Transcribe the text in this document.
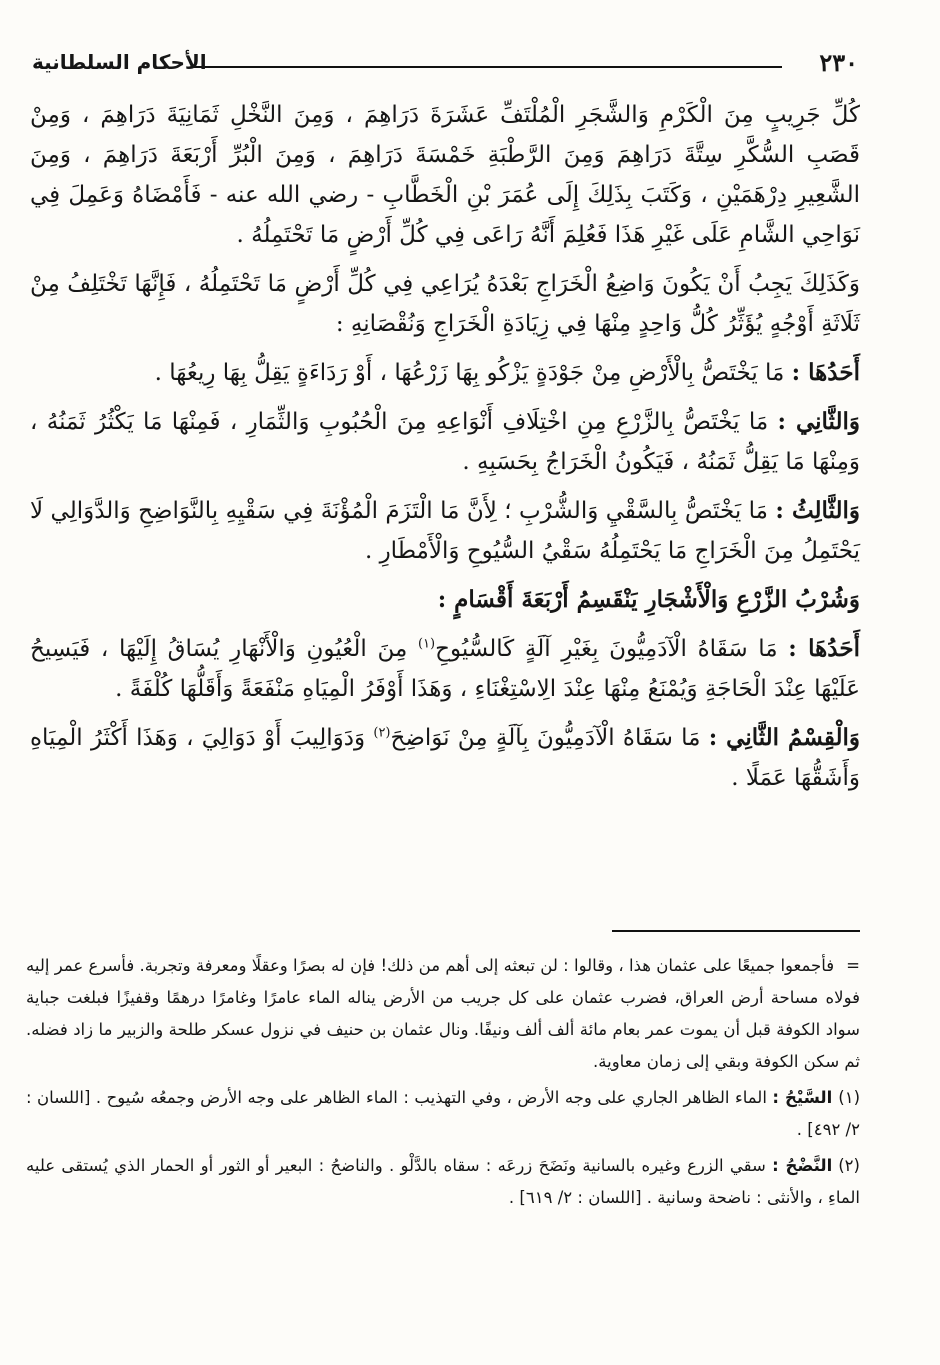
٢٣٠
الأحكام السلطانية

كُلِّ جَرِيبٍ مِنَ الْكَرْمِ وَالشَّجَرِ الْمُلْتَفِّ عَشَرَةَ دَرَاهِمَ ، وَمِنَ النَّخْلِ ثَمَانِيَةَ دَرَاهِمَ ، وَمِنْ قَصَبِ السُّكَّرِ سِتَّةَ دَرَاهِمَ وَمِنَ الرَّطْبَةِ خَمْسَةَ دَرَاهِمَ ، وَمِنَ الْبُرِّ أَرْبَعَةَ دَرَاهِمَ ، وَمِنَ الشَّعِيرِ دِرْهَمَيْنِ ، وَكَتَبَ بِذَلِكَ إِلَى عُمَرَ بْنِ الْخَطَّابِ - رضي الله عنه - فَأَمْضَاهُ وَعَمِلَ فِي نَوَاحِي الشَّامِ عَلَى غَيْرِ هَذَا فَعُلِمَ أَنَّهُ رَاعَى فِي كُلِّ أَرْضٍ مَا تَحْتَمِلُهُ .

وَكَذَلِكَ يَجِبُ أَنْ يَكُونَ وَاضِعُ الْخَرَاجِ بَعْدَهُ يُرَاعِي فِي كُلِّ أَرْضٍ مَا تَحْتَمِلُهُ ، فَإِنَّهَا تَخْتَلِفُ مِنْ ثَلَاثَةِ أَوْجُهٍ يُؤَثِّرُ كُلُّ وَاحِدٍ مِنْهَا فِي زِيَادَةِ الْخَرَاجِ وَنُقْصَانِهِ :

أَحَدُهَا : مَا يَخْتَصُّ بِالْأَرْضِ مِنْ جَوْدَةٍ يَزْكُو بِهَا زَرْعُهَا ، أَوْ رَدَاءَةٍ يَقِلُّ بِهَا رِيعُهَا .

وَالثَّانِي : مَا يَخْتَصُّ بِالزَّرْعِ مِنِ اخْتِلَافِ أَنْوَاعِهِ مِنَ الْحُبُوبِ وَالثِّمَارِ ، فَمِنْهَا مَا يَكْثُرُ ثَمَنُهُ ، وَمِنْهَا مَا يَقِلُّ ثَمَنُهُ ، فَيَكُونُ الْخَرَاجُ بِحَسَبِهِ .

وَالثَّالِثُ : مَا يَخْتَصُّ بِالسَّقْيِ وَالشُّرْبِ ؛ لِأَنَّ مَا الْتَزَمَ الْمُؤْنَةَ فِي سَقْيِهِ بِالنَّوَاضِحِ وَالدَّوَالِي لَا يَحْتَمِلُ مِنَ الْخَرَاجِ مَا يَحْتَمِلُهُ سَقْيُ السُّيُوحِ وَالْأَمْطَارِ .

وَشُرْبُ الزَّرْعِ وَالْأَشْجَارِ يَنْقَسِمُ أَرْبَعَةَ أَقْسَامٍ :

أَحَدُهَا : مَا سَقَاهُ الْآدَمِيُّونَ بِغَيْرِ آلَةٍ كَالسُّيُوحِ$^{(١)}$ مِنَ الْعُيُونِ وَالْأَنْهَارِ يُسَاقُ إِلَيْهَا ، فَيَسِيحُ عَلَيْهَا عِنْدَ الْحَاجَةِ وَيُمْنَعُ مِنْهَا عِنْدَ الِاسْتِغْنَاءِ ، وَهَذَا أَوْفَرُ الْمِيَاهِ مَنْفَعَةً وَأَقَلُّهَا كُلْفَةً .

وَالْقِسْمُ الثَّانِي : مَا سَقَاهُ الْآدَمِيُّونَ بِآلَةٍ مِنْ نَوَاضِحَ$^{(٢)}$ وَدَوَالِيبَ أَوْ دَوَالِيَ ، وَهَذَا أَكْثَرُ الْمِيَاهِ وَأَشَقُّهَا عَمَلًا .

=فأجمعوا جميعًا على عثمان هذا ، وقالوا : لن تبعثه إلى أهم من ذلك! فإن له بصرًا وعقلًا ومعرفة وتجربة. فأسرع عمر إليه فولاه مساحة أرض العراق، فضرب عثمان على كل جريب من الأرض يناله الماء عامرًا وغامرًا درهمًا وقفيزًا فبلغت جباية سواد الكوفة قبل أن يموت عمر بعام مائة ألف ألف ونيفًا. ونال عثمان بن حنيف في نزول عسكر طلحة والزبير ما زاد فضله. ثم سكن الكوفة وبقي إلى زمان معاوية.

(١)السَّيْحُ : الماء الظاهر الجاري على وجه الأرض ، وفي التهذيب : الماء الظاهر على وجه الأرض وجمعُه سُيوح . [اللسان : ٢/ ٤٩٢] .

(٢)النَّضْحُ : سقي الزرع وغيره بالسانية ونَضَحَ زرعَه : سقاه بالدَّلْو . والناضحُ : البعير أو الثور أو الحمار الذي يُستقى عليه الماءِ ، والأنثى : ناضحة وسانية . [اللسان : ٢/ ٦١٩] .
